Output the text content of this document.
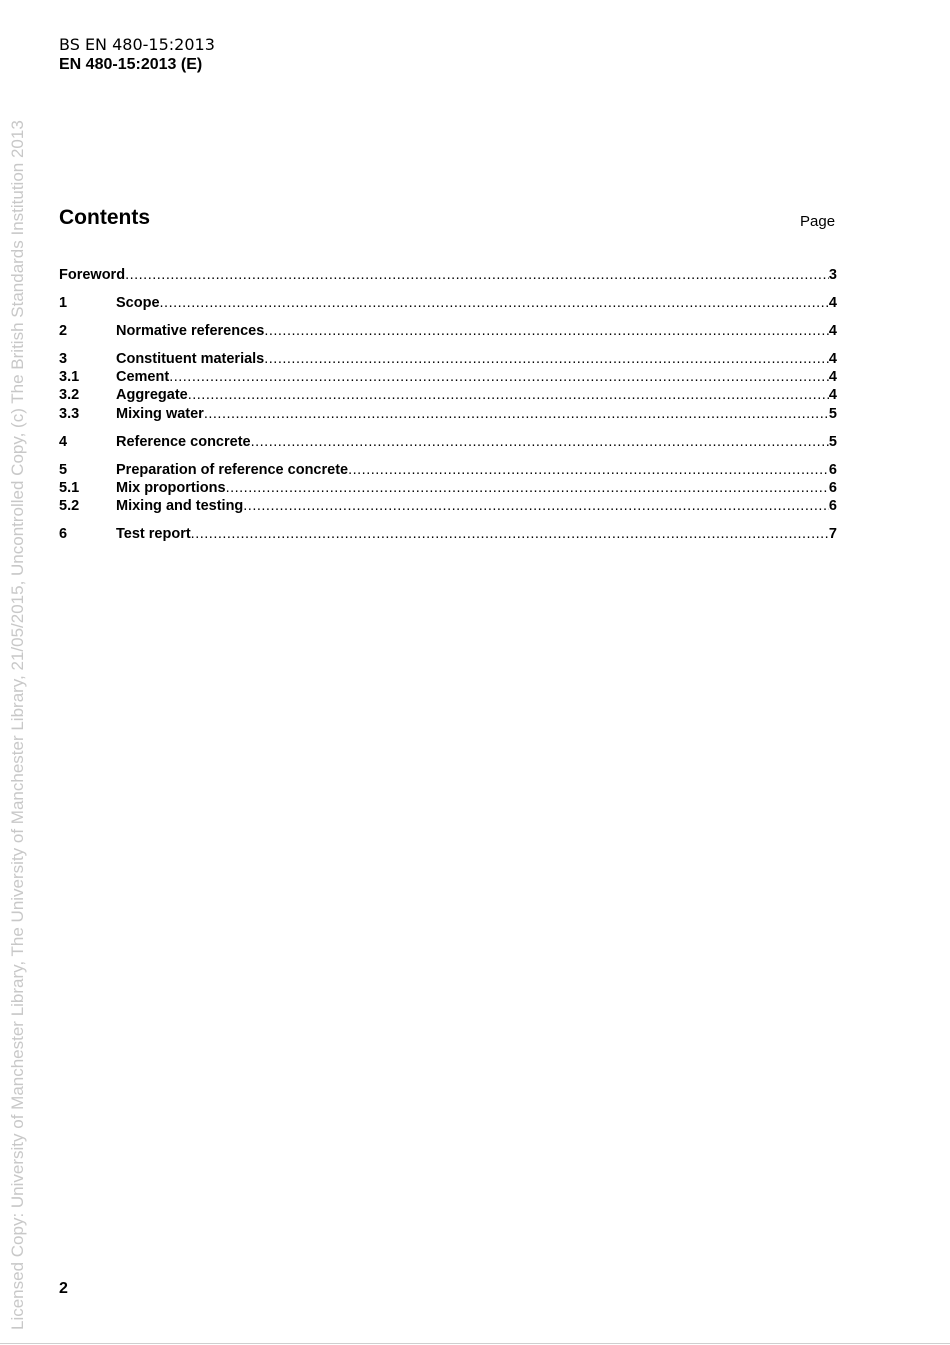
BS EN 480-15:2013
EN 480-15:2013 (E)
Contents	Page
Foreword .....	3
1	Scope .....	4
2	Normative references .....	4
3	Constituent materials .....	4
3.1	Cement .....	4
3.2	Aggregate .....	4
3.3	Mixing water .....	5
4	Reference concrete .....	5
5	Preparation of reference concrete .....	6
5.1	Mix proportions .....	6
5.2	Mixing and testing .....	6
6	Test report .....	7
2
Licensed Copy: University of Manchester Library, The University of Manchester Library, 21/05/2015, Uncontrolled Copy, (c) The British Standards Institution 2013
